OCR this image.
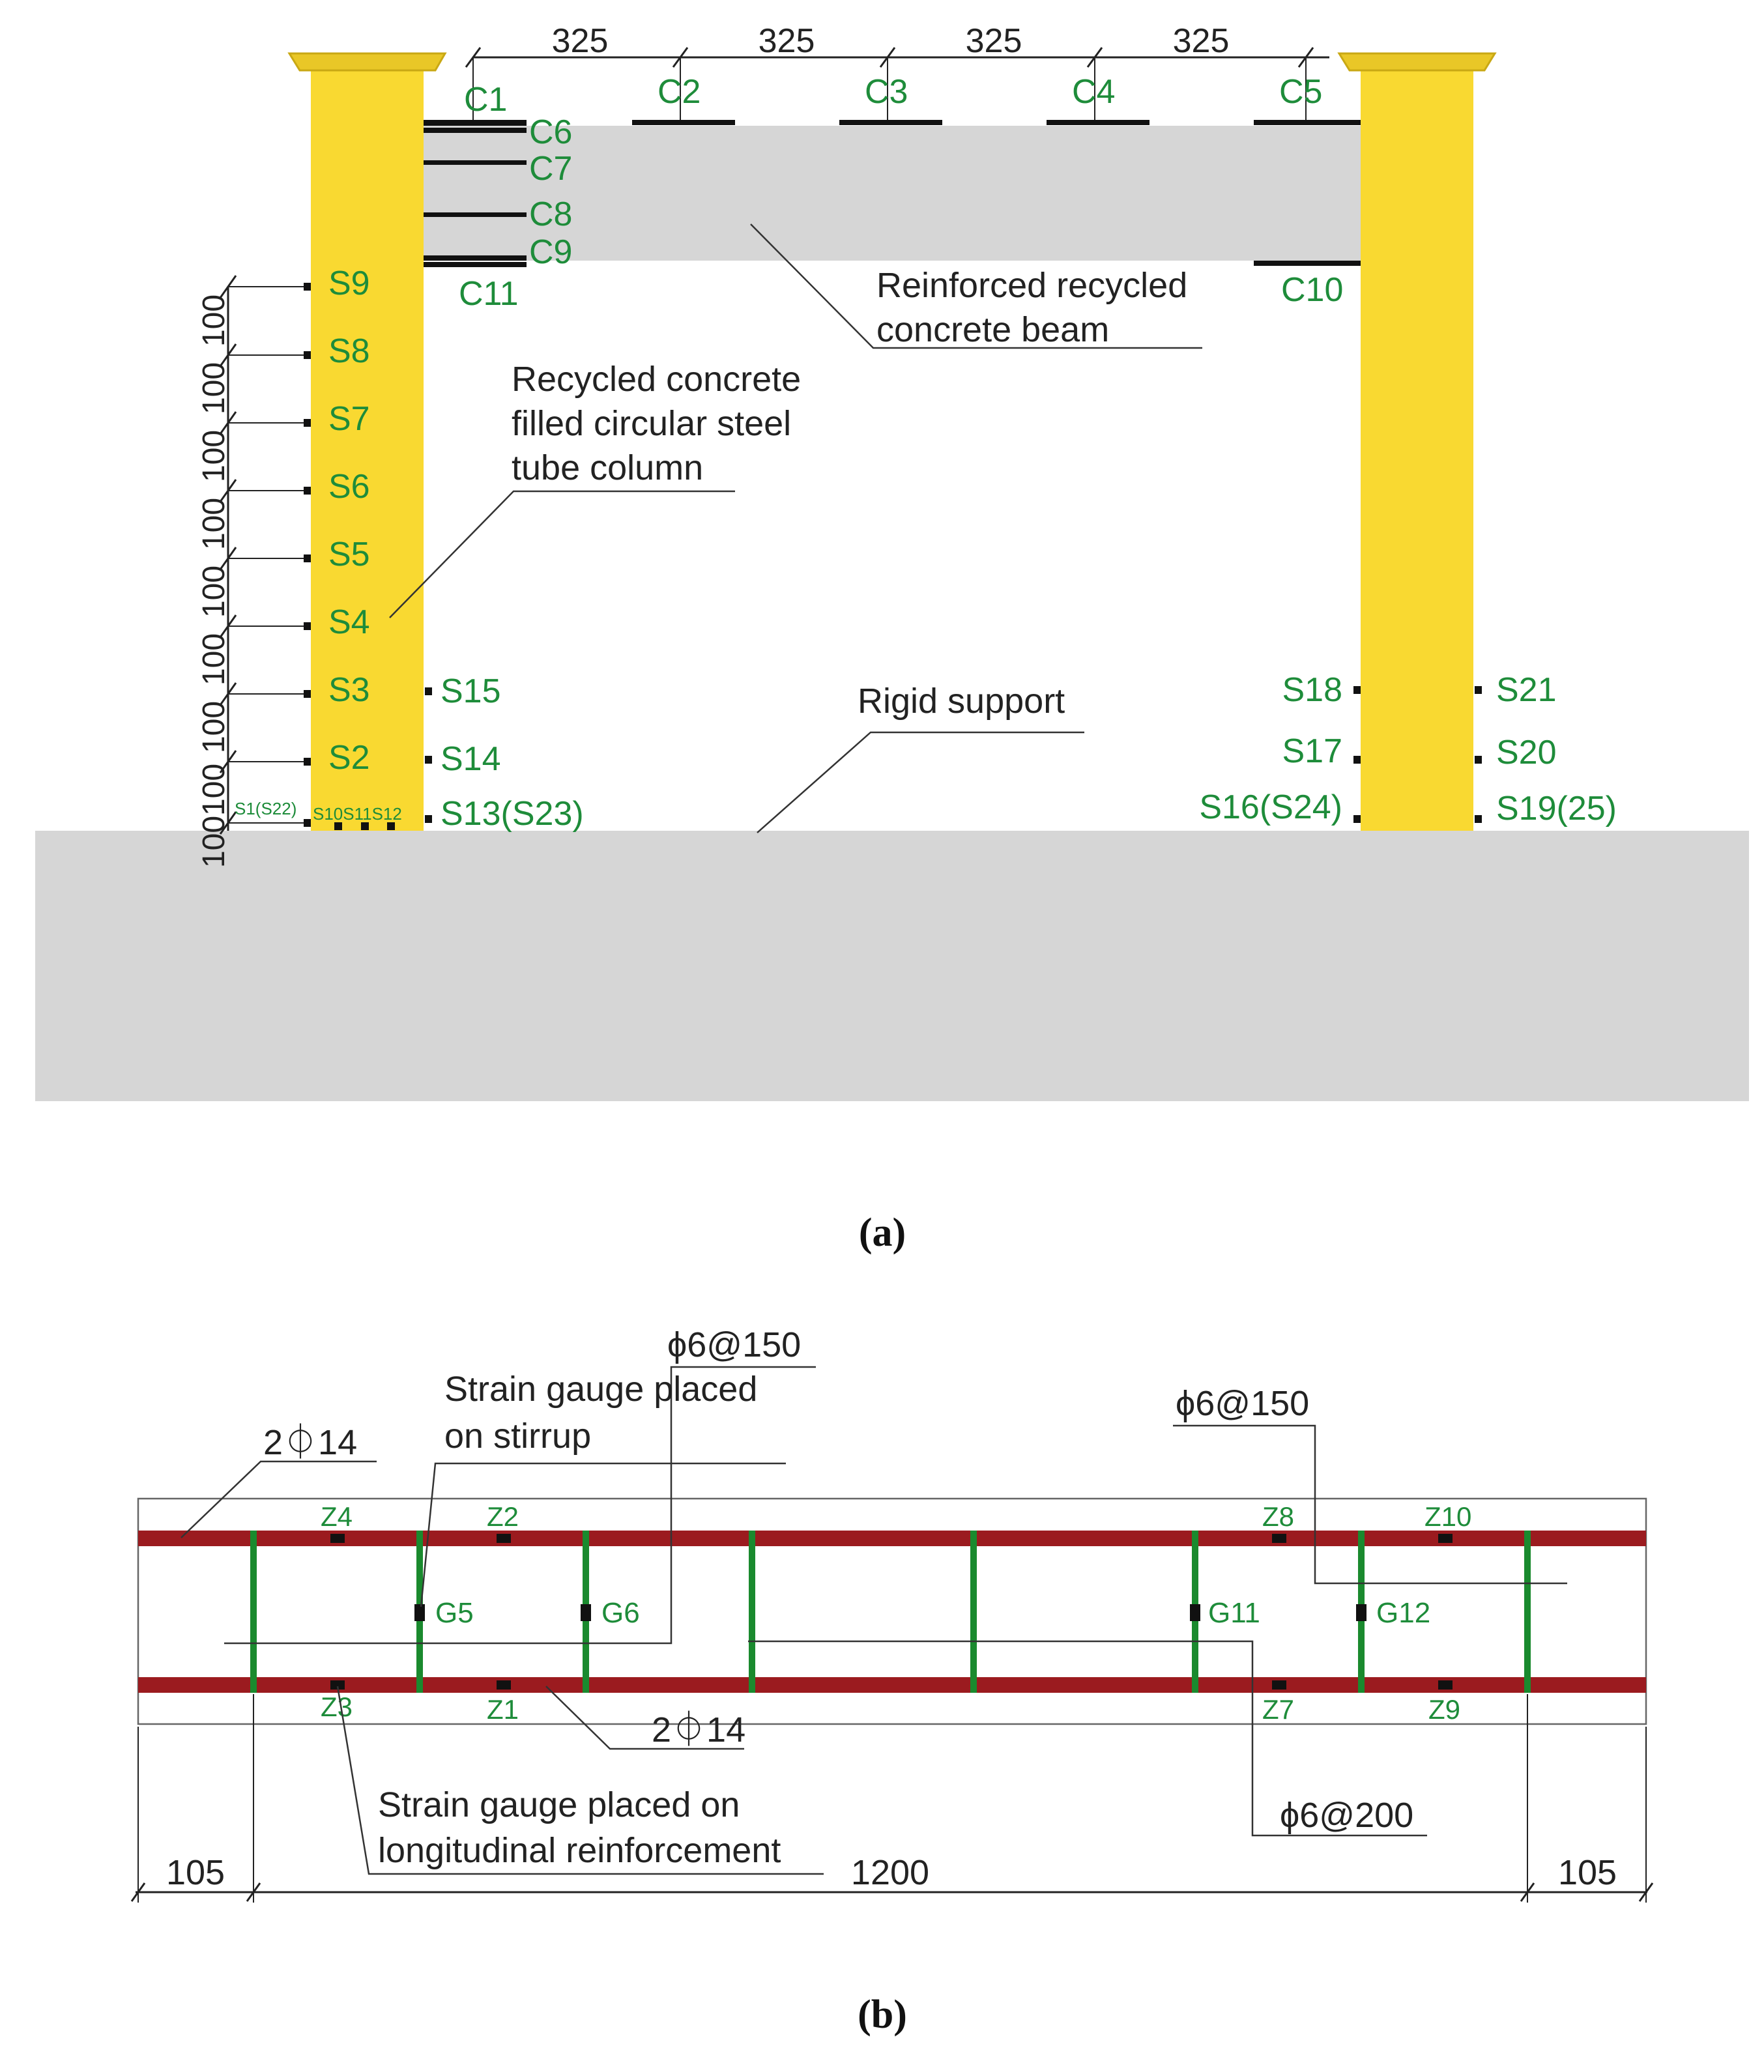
325	325	325	325
C1	C2	C3	C4	C5
C6
C7
C8
C9
C11	C10
Reinforced recycled
concrete beam
Recycled concrete
filled circular steel
tube column
Rigid support
100
100
100
100
100
100
100
100
100
S9
S8
S7
S6
S5
S4
S3
S2
S1(S22) S10S11S12
S15
S14
S13(S23)
S18
S17
S16(S24)
S21
S20
S19(25)
(a)
Z4	Z2	Z8	Z10
Z3	Z1	Z7	Z9
G5	G6	G11	G12
2⏀14
2⏀14
ϕ6@150
ϕ6@150
ϕ6@200
Strain gauge placed
on stirrup
Strain gauge placed on
longitudinal reinforcement
105	1200	105
(b)
